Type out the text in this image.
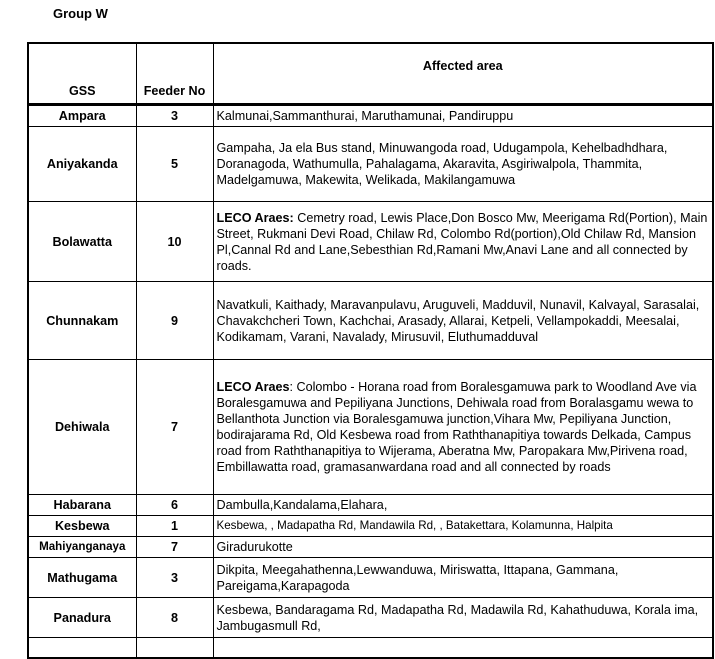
Group W
GSS	Feeder No	Affected area
Ampara	3	Kalmunai,Sammanthurai, Maruthamunai, Pandiruppu
Aniyakanda	5	Gampaha, Ja ela Bus stand, Minuwangoda road, Udugampola, Kehelbadhdhara, Doranagoda, Wathumulla, Pahalagama, Akaravita, Asgiriwalpola, Thammita, Madelgamuwa, Makewita, Welikada, Makilangamuwa
Bolawatta	10	LECO Araes: Cemetry road, Lewis Place,Don Bosco Mw, Meerigama Rd(Portion), Main Street, Rukmani Devi Road, Chilaw Rd, Colombo Rd(portion),Old Chilaw Rd, Mansion Pl,Cannal Rd and Lane,Sebesthian Rd,Ramani Mw,Anavi Lane and all connected by roads.
Chunnakam	9	Navatkuli, Kaithady, Maravanpulavu, Aruguveli, Madduvil, Nunavil, Kalvayal, Sarasalai, Chavakchcheri Town, Kachchai, Arasady, Allarai, Ketpeli, Vellampokaddi, Meesalai, Kodikamam, Varani, Navalady, Mirusuvil, Eluthumadduval
Dehiwala	7	LECO Araes: Colombo - Horana road from Boralesgamuwa park to Woodland Ave via Boralesgamuwa and Pepiliyana Junctions, Dehiwala road from Boralasgamu wewa to Bellanthota Junction via Boralesgamuwa junction,Vihara Mw, Pepiliyana Junction, bodirajarama Rd, Old Kesbewa road from Raththanapitiya towards Delkada, Campus road from Raththanapitiya to Wijerama, Aberatna Mw, Paropakara Mw,Pirivena road, Embillawatta road, gramasanwardana road and all connected by roads
Habarana	6	Dambulla,Kandalama,Elahara,
Kesbewa	1	Kesbewa, , Madapatha Rd, Mandawila Rd, , Batakettara, Kolamunna, Halpita
Mahiyanganaya	7	Giradurukotte
Mathugama	3	Dikpita, Meegahathenna,Lewwanduwa, Miriswatta, Ittapana, Gammana, Pareigama,Karapagoda
Panadura	8	Kesbewa, Bandaragama Rd, Madapatha Rd, Madawila Rd, Kahathuduwa, Korala ima, Jambugasmull Rd,
